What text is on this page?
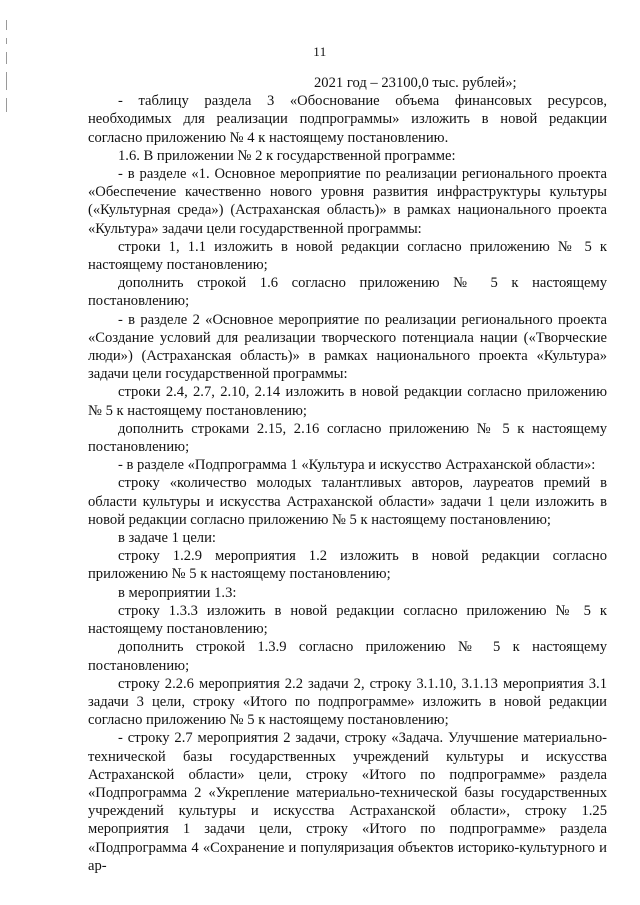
11

2021 год – 23100,0 тыс. рублей»;

- таблицу раздела 3 «Обоснование объема финансовых ресурсов, необходимых для реализации подпрограммы» изложить в новой редакции согласно приложению № 4 к настоящему постановлению.

1.6. В приложении № 2 к государственной программе:

- в разделе «1. Основное мероприятие по реализации регионального проекта «Обеспечение качественно нового уровня развития инфраструктуры культуры («Культурная среда») (Астраханская область)» в рамках национального проекта «Культура» задачи цели государственной программы:

строки 1, 1.1 изложить в новой редакции согласно приложению № 5 к настоящему постановлению;

дополнить строкой 1.6 согласно приложению № 5 к настоящему постановлению;

- в разделе 2 «Основное мероприятие по реализации регионального проекта «Создание условий для реализации творческого потенциала нации («Творческие люди») (Астраханская область)» в рамках национального проекта «Культура» задачи цели государственной программы:

строки 2.4, 2.7, 2.10, 2.14 изложить в новой редакции согласно приложению № 5 к настоящему постановлению;

дополнить строками 2.15, 2.16 согласно приложению № 5 к настоящему постановлению;

- в разделе «Подпрограмма 1 «Культура и искусство Астраханской области»:

строку «количество молодых талантливых авторов, лауреатов премий в области культуры и искусства Астраханской области» задачи 1 цели изложить в новой редакции согласно приложению № 5 к настоящему постановлению;

в задаче 1 цели:

строку 1.2.9 мероприятия 1.2 изложить в новой редакции согласно приложению № 5 к настоящему постановлению;

в мероприятии 1.3:

строку 1.3.3 изложить в новой редакции согласно приложению № 5 к настоящему постановлению;

дополнить строкой 1.3.9 согласно приложению № 5 к настоящему постановлению;

строку 2.2.6 мероприятия 2.2 задачи 2, строку 3.1.10, 3.1.13 мероприятия 3.1 задачи 3 цели, строку «Итого по подпрограмме» изложить в новой редакции согласно приложению № 5 к настоящему постановлению;

- строку 2.7 мероприятия 2 задачи, строку «Задача. Улучшение материально-технической базы государственных учреждений культуры и искусства Астраханской области» цели, строку «Итого по подпрограмме» раздела «Подпрограмма 2 «Укрепление материально-технической базы государственных учреждений культуры и искусства Астраханской области», строку 1.25 мероприятия 1 задачи цели, строку «Итого по подпрограмме» раздела «Подпрограмма 4 «Сохранение и популяризация объектов историко-культурного и ар-
